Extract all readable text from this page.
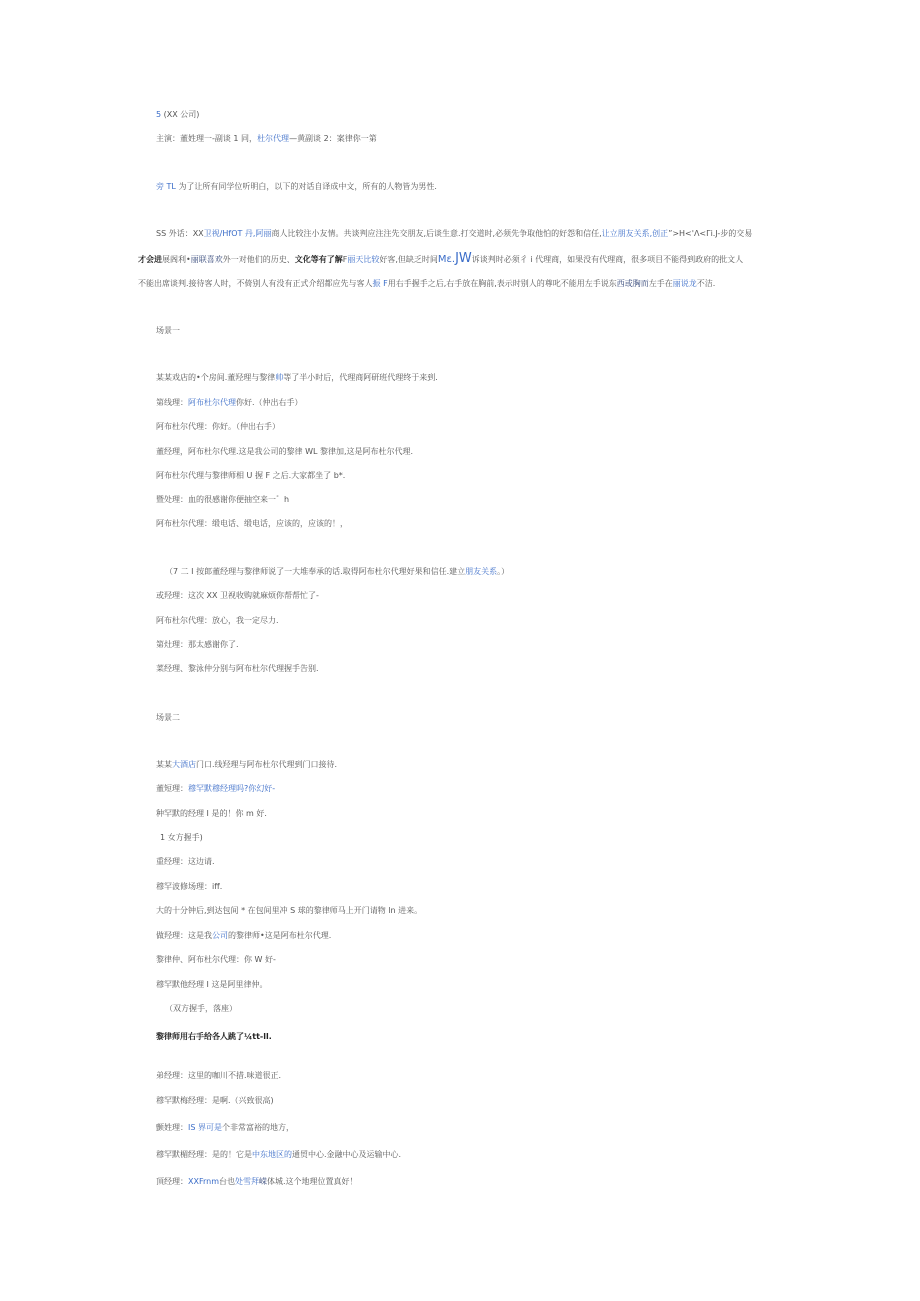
5 (XX 公司)
主演：董姓理一-副谈 1 同，杜尔代理—黄副谈 2：案律你一第
旁 TL 为了让所有同学位听明白，以下的对话自译成中文，所有的人物皆为男性.
SS 外话：XX卫视/HfOT 丹,阿丽商人比较注小友情。共谈判应注注先交朋友,后谈生意.打交道时,必须先争取他怕的好怨和信任,让立朋友关系,创正”>H<'Λ<Γi.J-步的交易
才会进展阁利•丽联喜欢外一对他们的历史、文化等有了解F丽天比较好客,但缺乏时间Mɛ.JW诉谈判时必须彳 i 代理商，如果没有代理商，很多项目不能得到政府的批文人
不能出席谈判.接待客人时，不倚别人有没有正式介绍都应先与客人振 F用右手握手之后,右手放在胸前,表示时别人的尊叱不能用左手说东西或胸而左手在丽说龙不洁.
场景一
某某戏店的•个房间.董羟理与黎律帅等了半小时后，代理商阿研班代理终于来到.
第线理：阿布杜尔代理你好.（仲出右手）
阿布杜尔代理：你好。（仲出右手）
董经理，阿布杜尔代理.这是我公司的黎律 WL 黎律加,这是阿布杜尔代理.
阿布杜尔代理与黎律师相 U 握 F 之后.大家都坐了 b*.
暨处理：血的很感谢你便抽空来一゛h
阿布杜尔代理：缎电话、缎电话，应该的，应该的！，
（7 二 I 按郎董经理与黎律师说了一大堆奉承的话.取得阿布杜尔代理好果和信任.建立朋友关系。）
或羟理：这次 XX 卫视收购就麻烦你帮帮忙了-
阿布杜尔代理：放心，我一定尽力.
第灶理：那太感谢你了.
菜经理、黎泳仲分别与阿布杜尔代理握手告别.
场景二
某某大酒店门口.线羟理与阿布杜尔代理到门口接待.
董短理：穆罕默穆经理吗?你幻好-
种罕默的经理 I 是的！你 m 好.
1 女方握手)
重经理：这边请.
穆罕波修场理：iff.
大的十分钟后,到达包间 * 在包间里冲 S 球的黎律师马上开门请物 ln 进来。
做羟理：这是我公司的黎律师•这是阿布杜尔代理.
黎律仲、阿布杜尔代理：你 W 好-
穆罕默他经理 I 这是阿里律仲。
（双方握手，落座）
黎律师用右手给各人跳了¼tt-ll.
弟经理：这里的咖川不措.味道很正.
穆罕默梅经理：是啊.（兴致很高)
颤姓理：IS 界可是个非常富裕的地方，
穆罕默楣经理：是的！它是中东地区的通贸中心.金融中心及运输中心.
頂经理：XXFrnm台也处雪拜嵘体城.这个地理位置真好！
